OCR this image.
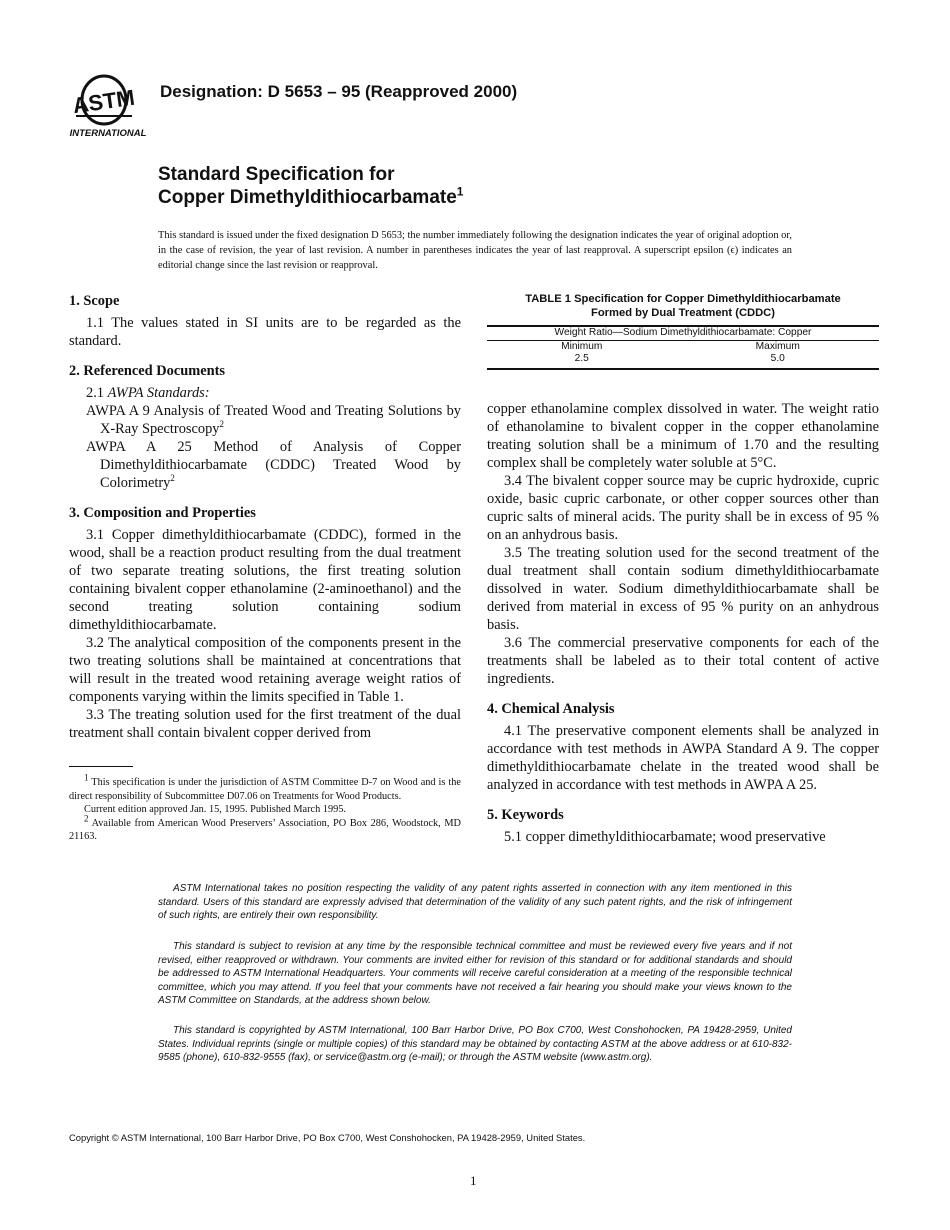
ASTM
INTERNATIONAL
Designation: D 5653 – 95 (Reapproved 2000)
Standard Specification for
Copper Dimethyldithiocarbamate$^1$
This standard is issued under the fixed designation D 5653; the number immediately following the designation indicates the year of original adoption or, in the case of revision, the year of last revision. A number in parentheses indicates the year of last reapproval. A superscript epsilon (ϵ) indicates an editorial change since the last revision or reapproval.
1. Scope

1.1 The values stated in SI units are to be regarded as the standard.

2. Referenced Documents

2.1 AWPA Standards:

AWPA A 9 Analysis of Treated Wood and Treating Solutions by X-Ray Spectroscopy$^2$
AWPA A 25 Method of Analysis of Copper Dimethyldithiocarbamate (CDDC) Treated Wood by Colorimetry$^2$
3. Composition and Properties

3.1 Copper dimethyldithiocarbamate (CDDC), formed in the wood, shall be a reaction product resulting from the dual treatment of two separate treating solutions, the first treating solution containing bivalent copper ethanolamine (2-aminoethanol) and the second treating solution containing sodium dimethyldithiocarbamate.

3.2 The analytical composition of the components present in the two treating solutions shall be maintained at concentrations that will result in the treated wood retaining average weight ratios of components varying within the limits specified in Table 1.

3.3 The treating solution used for the first treatment of the dual treatment shall contain bivalent copper derived from

$^1$ This specification is under the jurisdiction of ASTM Committee D-7 on Wood and is the direct responsibility of Subcommittee D07.06 on Treatments for Wood Products.

Current edition approved Jan. 15, 1995. Published March 1995.

$^2$ Available from American Wood Preservers’ Association, PO Box 286, Woodstock, MD 21163.

TABLE 1 Specification for Copper Dimethyldithiocarbamate
Formed by Dual Treatment (CDDC)
Weight Ratio—Sodium Dimethyldithiocarbamate: Copper	
Minimum	Maximum
2.5	5.0

copper ethanolamine complex dissolved in water. The weight ratio of ethanolamine to bivalent copper in the copper ethanolamine treating solution shall be a minimum of 1.70 and the resulting complex shall be completely water soluble at 5°C.

3.4 The bivalent copper source may be cupric hydroxide, cupric oxide, basic cupric carbonate, or other copper sources other than cupric salts of mineral acids. The purity shall be in excess of 95 % on an anhydrous basis.

3.5 The treating solution used for the second treatment of the dual treatment shall contain sodium dimethyldithiocarbamate dissolved in water. Sodium dimethyldithiocarbamate shall be derived from material in excess of 95 % purity on an anhydrous basis.

3.6 The commercial preservative components for each of the treatments shall be labeled as to their total content of active ingredients.

4. Chemical Analysis

4.1 The preservative component elements shall be analyzed in accordance with test methods in AWPA Standard A 9. The copper dimethyldithiocarbamate chelate in the treated wood shall be analyzed in accordance with test methods in AWPA A 25.

5. Keywords

5.1 copper dimethyldithiocarbamate; wood preservative

ASTM International takes no position respecting the validity of any patent rights asserted in connection with any item mentioned in this standard. Users of this standard are expressly advised that determination of the validity of any such patent rights, and the risk of infringement of such rights, are entirely their own responsibility.

This standard is subject to revision at any time by the responsible technical committee and must be reviewed every five years and if not revised, either reapproved or withdrawn. Your comments are invited either for revision of this standard or for additional standards and should be addressed to ASTM International Headquarters. Your comments will receive careful consideration at a meeting of the responsible technical committee, which you may attend. If you feel that your comments have not received a fair hearing you should make your views known to the ASTM Committee on Standards, at the address shown below.

This standard is copyrighted by ASTM International, 100 Barr Harbor Drive, PO Box C700, West Conshohocken, PA 19428-2959, United States. Individual reprints (single or multiple copies) of this standard may be obtained by contacting ASTM at the above address or at 610-832-9585 (phone), 610-832-9555 (fax), or service@astm.org (e-mail); or through the ASTM website (www.astm.org).

Copyright © ASTM International, 100 Barr Harbor Drive, PO Box C700, West Conshohocken, PA 19428-2959, United States.
1
